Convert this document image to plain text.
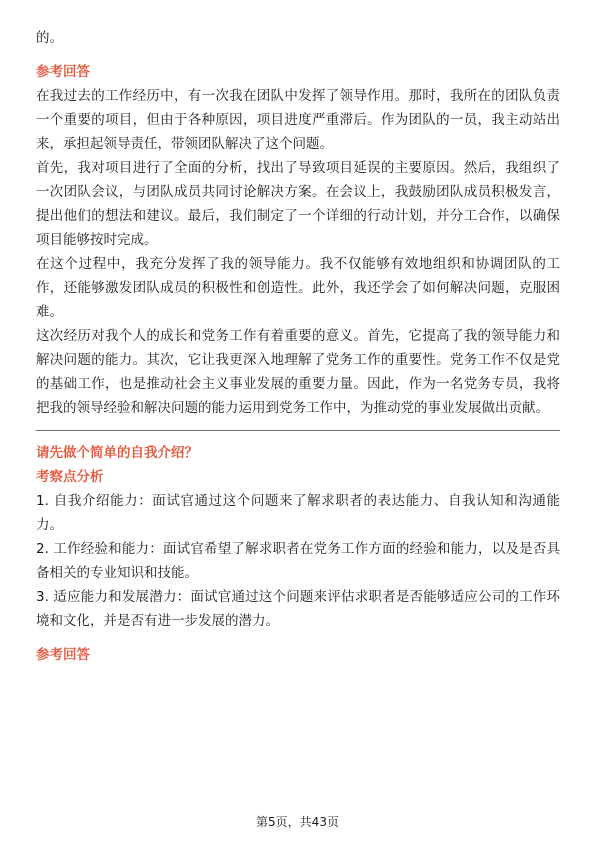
的。

参考回答

在我过去的工作经历中，有一次我在团队中发挥了领导作用。那时，我所在的团队负责一个重要的项目，但由于各种原因，项目进度严重滞后。作为团队的一员，我主动站出来，承担起领导责任，带领团队解决了这个问题。

首先，我对项目进行了全面的分析，找出了导致项目延误的主要原因。然后，我组织了一次团队会议，与团队成员共同讨论解决方案。在会议上，我鼓励团队成员积极发言，提出他们的想法和建议。最后，我们制定了一个详细的行动计划，并分工合作，以确保项目能够按时完成。

在这个过程中，我充分发挥了我的领导能力。我不仅能够有效地组织和协调团队的工作，还能够激发团队成员的积极性和创造性。此外，我还学会了如何解决问题，克服困难。

这次经历对我个人的成长和党务工作有着重要的意义。首先，它提高了我的领导能力和解决问题的能力。其次，它让我更深入地理解了党务工作的重要性。党务工作不仅是党的基础工作，也是推动社会主义事业发展的重要力量。因此，作为一名党务专员，我将把我的领导经验和解决问题的能力运用到党务工作中，为推动党的事业发展做出贡献。

请先做个简单的自我介绍？

考察点分析

1. 自我介绍能力：面试官通过这个问题来了解求职者的表达能力、自我认知和沟通能力。

2. 工作经验和能力：面试官希望了解求职者在党务工作方面的经验和能力，以及是否具备相关的专业知识和技能。

3. 适应能力和发展潜力：面试官通过这个问题来评估求职者是否能够适应公司的工作环境和文化，并是否有进一步发展的潜力。

参考回答

第5页，共43页
